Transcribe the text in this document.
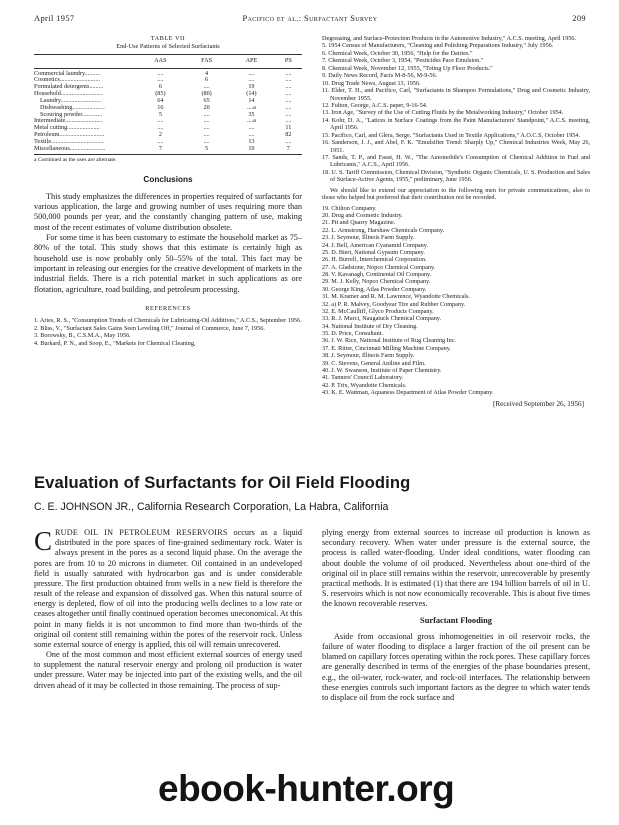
April 1957	Pacifico et al.: Surfactant Survey	209
TABLE VII
End-Use Patterns of Selected Surfactants
	AAS	FAS	APE	PS
Commercial laundry..........	....	4	....	....
Cosmetics..........................	....	6	....	....
Formulated detergents.........	6	....	19	....
Household...........................	(85)	(80)	(14)	....
Laundry..........................	64	65	14	....
Dishwashing.....................	16	20	....a	....
Scouring powder.............	5	....	35	....
Intermediate........................	....	....	....a	....
Metal cutting.....................	....	....	....	11
Petroleum.............................	2	....	....	82
Textile..................................	....	....	13	....
Miscellaneous.......................	7	5	19	7
a Combined as the uses are alternate.
Conclusions

This study emphasizes the differences in properties required of surfactants for various application, the large and growing number of uses requiring more than 500,000 pounds per year, and the constantly changing pattern of use, making most of the recent estimates of volume distribution obsolete.

For some time it has been customary to estimate the household market as 75–80% of the total. This study shows that this estimate is certainly high as household use is now probably only 50–55% of the total. This fact may be important in releasing our energies for the creative development of markets in the industrial fields. There is a rich potential market in such applications as ore flotation, agriculture, road building, and petroleum processing.

REFERENCES
1. Aries, R. S., "Consumption Trends of Chemicals for Lubricating-Oil Additives," A.C.S., September 1956.
2. Bliss, V., "Surfactant Sales Gains Seen Leveling Off," Journal of Commerce, June 7, 1956.
3. Borowsky, B., C.S.M.A., May 1956.
4. Burkard, P. N., and Soop, E., "Markets for Chemical Cleaning,
Degreasing, and Surface-Protection Products in the Automotive Industry," A.C.S. meeting, April 1956.
5. 1954 Census of Manufacturers, "Cleaning and Polishing Preparations Industry," July 1956.
6. Chemical Week, October 30, 1956, "Help for the Dairies."
7. Chemical Week, October 3, 1954, "Pesticides Pace Emulsion."
8. Chemical Week, November 12, 1955, "Toting Up Floor Products."
9. Daily News Record, Facts M-8-56, M-9-56.
10. Drug Trade News, August 13, 1956.
11. Elder, T. H., and Pacifico, Carl, "Surfactants in Shampoo Formulations," Drug and Cosmetic Industry, November 1955.
12. Fulton, George, A.C.S. paper, 9-16-54.
13. Iron Age, "Survey of the Use of Cutting Fluids by the Metalworking Industry," October 1954.
14. Kohr, D. A., "Latices in Surface Coatings from the Paint Manufacturers' Standpoint," A.C.S. meeting, April 1956.
15. Pacifico, Carl, and Glera, Serge. "Surfactants Used in Textile Applications," A.O.C.S, October 1954.
16. Sanderson, J. J., and Abel, F. K. "Emulsifier Trend: Sharply Up," Chemical Industries Week, May 26, 1951.
17. Sands, T. P., and Faust, H. W., "The Automobile's Consumption of Chemical Addition in Fuel and Lubricants," A.C.S., April 1956.
18. U. S. Tariff Commission, Chemical Division, "Synthetic Organic Chemicals, U. S. Production and Sales of Surface-Active Agents, 1955," preliminary, June 1956.

We should like to extend our appreciation to the following men for private communications, also to those who helped but preferred that their contribution not be recorded.

19. Chilton Company.
20. Drug and Cosmetic Industry.
21. Pit and Quarry Magazine.
22. L. Armstrong, Harshaw Chemicals Company.
23. J. Seymour, Illinois Farm Supply.
24. J. Bell, American Cyanamid Company.
25. D. Bieri, National Gypsum Company.
26. H. Burrell, Interchemical Corporation.
27. A. Gladstone, Nopco Chemical Company.
28. V. Kavanagh, Continental Oil Company.
29. M. J. Kelly, Nopco Chemical Company.
30. George King, Atlas Powder Company.
31. M. Kramer and R. M. Lawrence, Wyandotte Chemicals.
32. a) P. R. Malvey, Goodyear Tire and Rubber Company.
32. E. McCaulliff, Glyco Products Company.
33. R. J. Murci, Naugatuck Chemical Company.
34. National Institute of Dry Cleaning.
35. D. Price, Consultant.
36. J. W. Rice, National Institute of Rug Cleaning Inc.
37. E. Ritter, Cincinnati Milling Machine Company.
38. J. Seymour, Illinois Farm Supply.
39. C. Stevens, General Aniline and Film.
40. J. W. Swanson, Institute of Paper Chemistry.
41. Tanners' Council Laboratory.
42. P. Trix, Wyandotte Chemicals.
43. K. E. Wattman, Aquaness Department of Atlas Powder Company.
[Received September 26, 1956]
Evaluation of Surfactants for Oil Field Flooding
C. E. JOHNSON JR., California Research Corporation, La Habra, California

CRUDE OIL IN PETROLEUM RESERVOIRS occurs as a liquid distributed in the pore spaces of fine-grained sedimentary rock. Water is always present in the pores as a second liquid phase. On the average the pores are from 10 to 20 microns in diameter. Oil contained in an undeveloped field is usually saturated with hydrocarbon gas and is under considerable pressure. The first production obtained from wells in a new field is therefore the result of the release and expansion of dissolved gas. When this natural source of energy is depleted, flow of oil into the producing wells declines to a low rate or ceases altogether until finally continued operation becomes uneconomical. At this point in many fields it is not uncommon to find more than two-thirds of the original oil content still remaining within the pores of the reservoir rock. Unless some external source of energy is applied, this oil will remain unrecovered.

One of the most common and most efficient external sources of energy used to supplement the natural reservoir energy and prolong oil production is water under pressure. Water may be injected into part of the existing wells, and the oil driven ahead of it may be collected in those remaining. The process of sup-

plying energy from external sources to increase oil production is known as secondary recovery. When water under pressure is the external source, the process is called water-flooding. Under ideal conditions, water flooding can about double the volume of oil produced. Nevertheless about one-third of the original oil in place still remains within the reservoir, unrecoverable by presently practical methods. It is estimated (1) that there are 194 billion barrels of oil in U. S. reservoirs which is not now economically recoverable. This is about five times the known recoverable reserves.

Surfactant Flooding

Aside from occasional gross inhomogeneities in oil reservoir rocks, the failure of water flooding to displace a larger fraction of the oil present can be blamed on capillary forces operating within the rock pores. These capillary forces are generally described in terms of the energies of the phase boundaries present, e.g., the oil-water, rock-water, and rock-oil interfaces. The relationship between these energies controls such important factors as the degree to which water tends to displace oil from the rock surface and

ebook-hunter.org
